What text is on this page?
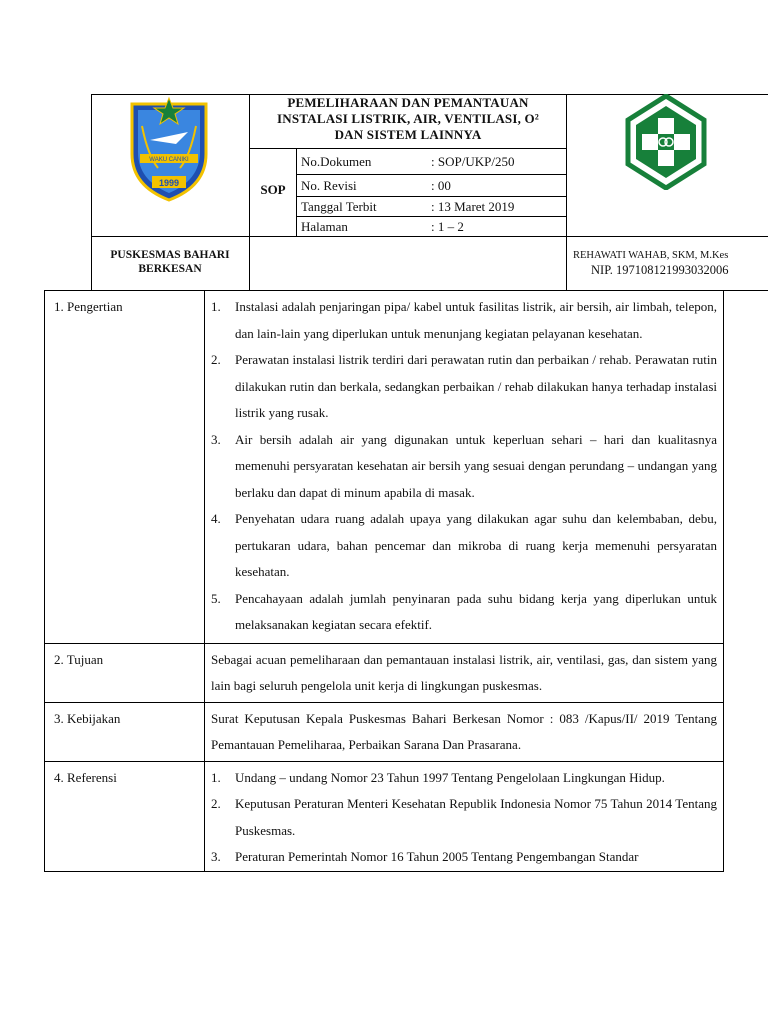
WAKU CANIKI
1999
PEMELIHARAAN DAN PEMANTAUAN
INSTALASI LISTRIK, AIR, VENTILASI, O²
DAN SISTEM LAINNYA
SOP
No.Dokumen	: SOP/UKP/250
No. Revisi	: 00
Tanggal Terbit	: 13 Maret 2019
Halaman	: 1 – 2
PUSKESMAS BAHARI
BERKESAN
REHAWATI WAHAB, SKM, M.Kes
NIP. 197108121993032006
1. Pengertian	1.	Instalasi adalah penjaringan pipa/ kabel untuk fasilitas listrik, air bersih, air limbah, telepon, dan lain-lain yang diperlukan untuk menunjang kegiatan pelayanan kesehatan.
2.	Perawatan instalasi listrik terdiri dari perawatan rutin dan perbaikan / rehab. Perawatan rutin dilakukan rutin dan berkala, sedangkan perbaikan / rehab dilakukan hanya terhadap instalasi listrik yang rusak.
3.	Air bersih adalah air yang digunakan untuk keperluan sehari – hari dan kualitasnya memenuhi persyaratan kesehatan air bersih yang sesuai dengan perundang – undangan yang berlaku dan dapat di minum apabila di masak.
4.	Penyehatan udara ruang adalah upaya yang dilakukan agar suhu dan kelembaban, debu, pertukaran udara, bahan pencemar dan mikroba di ruang kerja memenuhi persyaratan kesehatan.
5.	Pencahayaan adalah jumlah penyinaran pada suhu bidang kerja yang diperlukan untuk melaksanakan kegiatan secara efektif.
2. Tujuan	Sebagai acuan pemeliharaan dan pemantauan instalasi listrik, air, ventilasi, gas, dan sistem yang lain bagi seluruh pengelola unit kerja di lingkungan puskesmas.
3. Kebijakan	Surat Keputusan Kepala Puskesmas Bahari Berkesan Nomor : 083 /Kapus/II/ 2019 Tentang Pemantauan Pemeliharaa, Perbaikan Sarana Dan Prasarana.
4. Referensi	1.	Undang – undang Nomor 23 Tahun 1997 Tentang Pengelolaan Lingkungan Hidup.
2.	Keputusan Peraturan Menteri Kesehatan Republik Indonesia Nomor 75 Tahun 2014 Tentang Puskesmas.
3.	Peraturan Pemerintah Nomor 16 Tahun 2005 Tentang Pengembangan Standar
